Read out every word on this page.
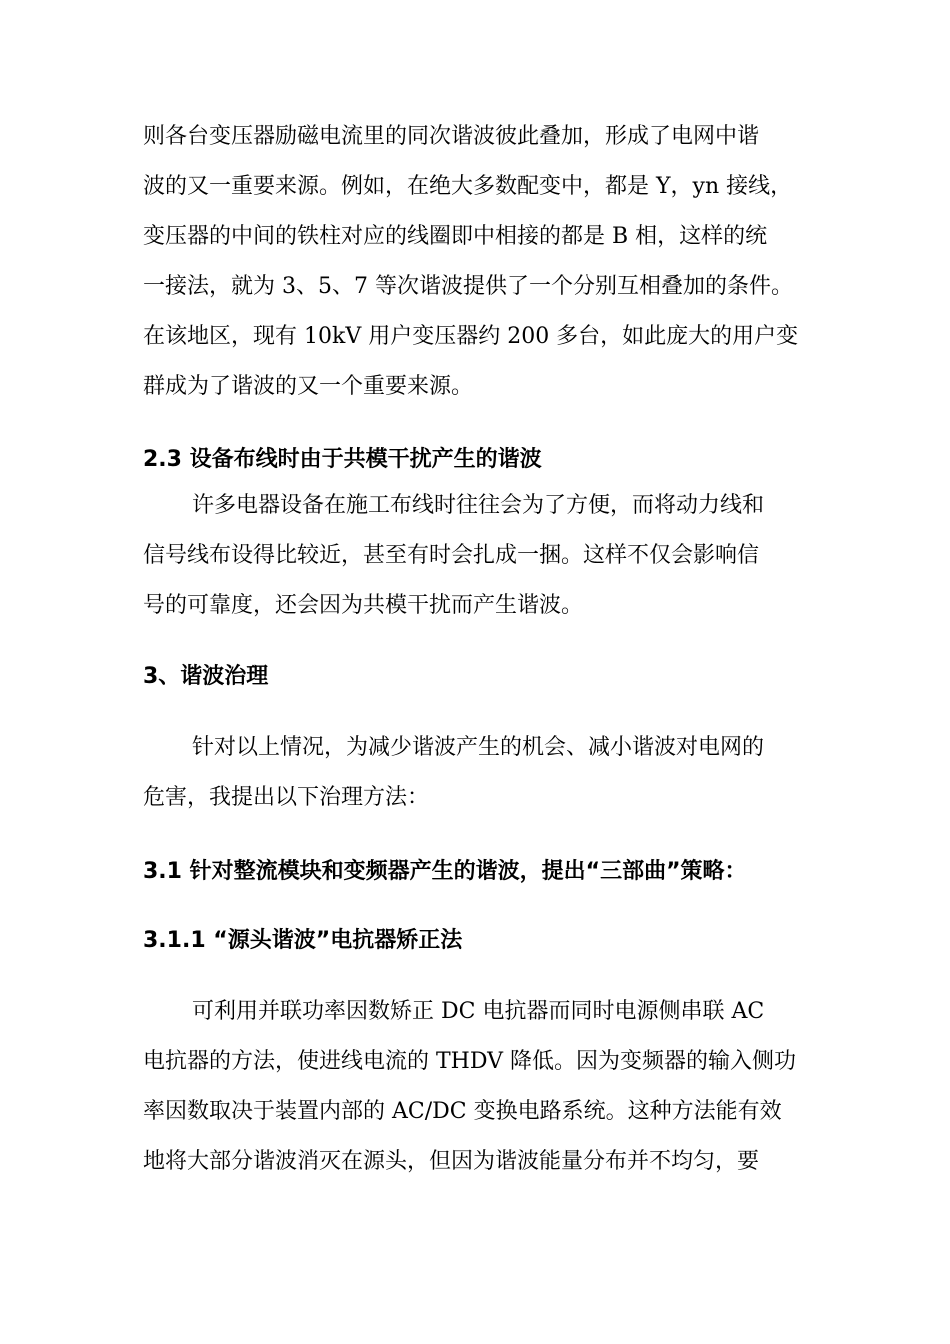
则各台变压器励磁电流里的同次谐波彼此叠加，形成了电网中谐
波的又一重要来源。例如，在绝大多数配变中，都是 Y，yn 接线，
变压器的中间的铁柱对应的线圈即中相接的都是 B 相，这样的统
一接法，就为 3、5、7 等次谐波提供了一个分别互相叠加的条件。
在该地区，现有 10kV 用户变压器约 200 多台，如此庞大的用户变
群成为了谐波的又一个重要来源。
2.3 设备布线时由于共模干扰产生的谐波
许多电器设备在施工布线时往往会为了方便，而将动力线和
信号线布设得比较近，甚至有时会扎成一捆。这样不仅会影响信
号的可靠度，还会因为共模干扰而产生谐波。
3、谐波治理
针对以上情况，为减少谐波产生的机会、减小谐波对电网的
危害，我提出以下治理方法：
3.1 针对整流模块和变频器产生的谐波，提出“三部曲”策略：
3.1.1 “源头谐波”电抗器矫正法
可利用并联功率因数矫正 DC 电抗器而同时电源侧串联 AC
电抗器的方法，使进线电流的 THDV 降低。因为变频器的输入侧功
率因数取决于装置内部的 AC/DC 变换电路系统。这种方法能有效
地将大部分谐波消灭在源头，但因为谐波能量分布并不均匀，要
